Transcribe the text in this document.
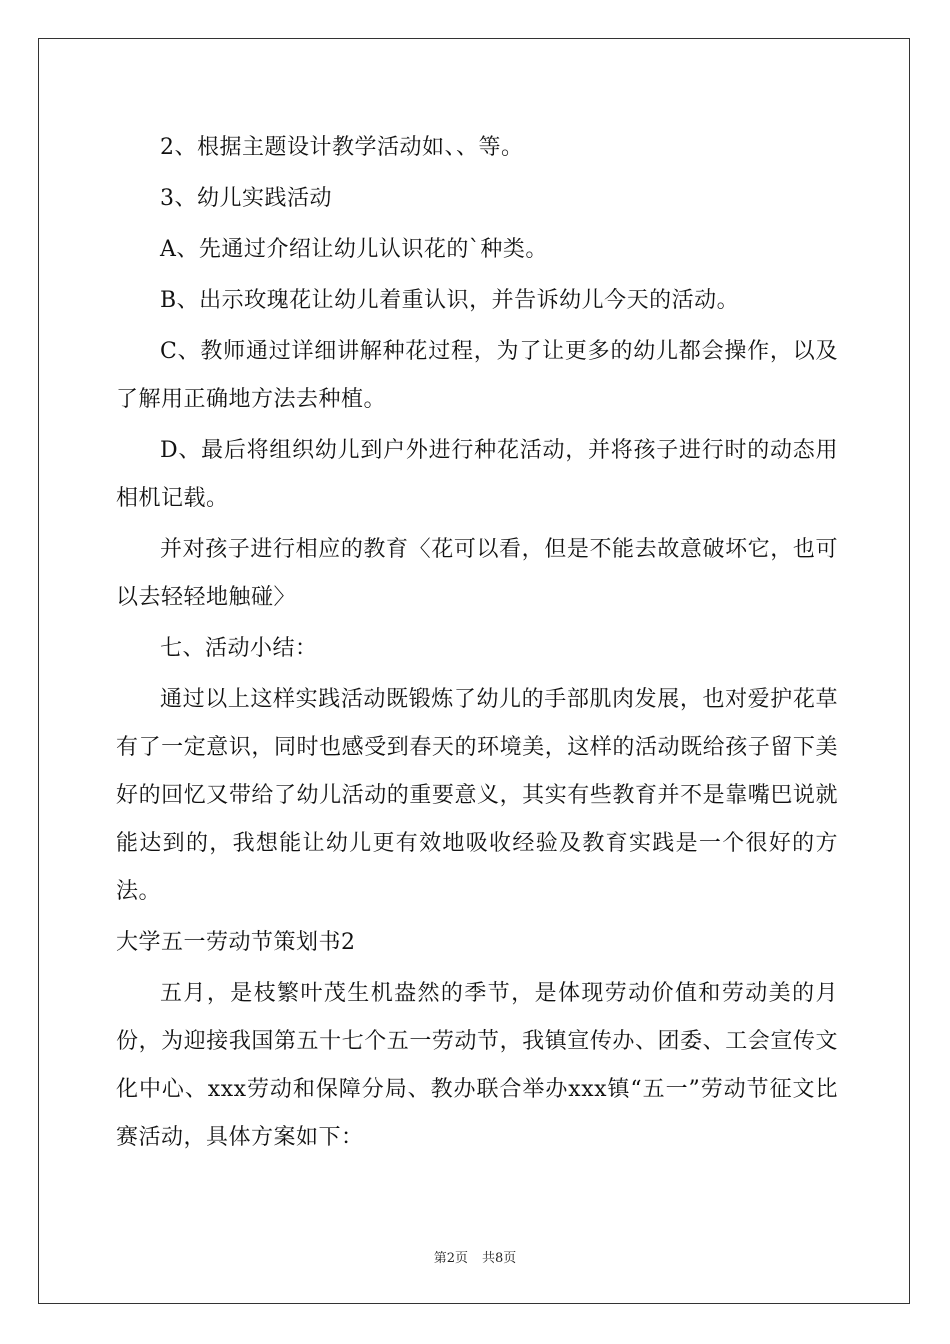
2、根据主题设计教学活动如、、等。

3、幼儿实践活动

A、先通过介绍让幼儿认识花的`种类。

B、出示玫瑰花让幼儿着重认识，并告诉幼儿今天的活动。

C、教师通过详细讲解种花过程，为了让更多的幼儿都会操作，以及了解用正确地方法去种植。

D、最后将组织幼儿到户外进行种花活动，并将孩子进行时的动态用相机记载。

并对孩子进行相应的教育〈花可以看，但是不能去故意破坏它，也可以去轻轻地触碰〉

七、活动小结：

通过以上这样实践活动既锻炼了幼儿的手部肌肉发展，也对爱护花草有了一定意识，同时也感受到春天的环境美，这样的活动既给孩子留下美好的回忆又带给了幼儿活动的重要意义，其实有些教育并不是靠嘴巴说就能达到的，我想能让幼儿更有效地吸收经验及教育实践是一个很好的方法。

大学五一劳动节策划书2

五月，是枝繁叶茂生机盎然的季节，是体现劳动价值和劳动美的月份，为迎接我国第五十七个五一劳动节，我镇宣传办、团委、工会宣传文化中心、xxx劳动和保障分局、教办联合举办xxx镇“五一”劳动节征文比赛活动，具体方案如下：

第2页 共8页
